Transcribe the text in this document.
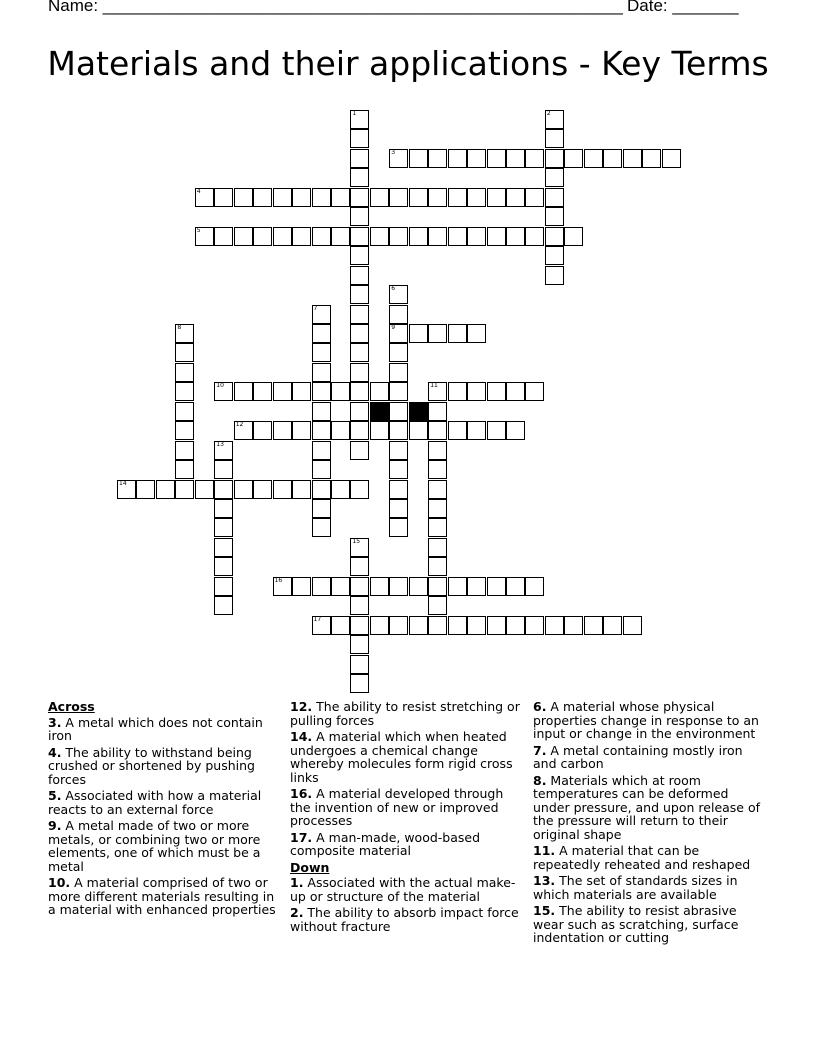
Name: _______________________________________________________ Date: _______
Materials and their applications - Key Terms
1	2
3
4
5
6
9
7
8
10	11
12
13
14
15
16
17
Across
3. A metal which does not contain iron
4. The ability to withstand being crushed or shortened by pushing forces
5. Associated with how a material reacts to an external force
9. A metal made of two or more metals, or combining two or more elements, one of which must be a metal
10. A material comprised of two or more different materials resulting in a material with enhanced properties
12. The ability to resist stretching or pulling forces
14. A material which when heated undergoes a chemical change whereby molecules form rigid cross links
16. A material developed through the invention of new or improved processes
17. A man-made, wood-based composite material
Down
1. Associated with the actual make-up or structure of the material
2. The ability to absorb impact force without fracture
6. A material whose physical properties change in response to an input or change in the environment
7. A metal containing mostly iron and carbon
8. Materials which at room temperatures can be deformed under pressure, and upon release of the pressure will return to their original shape
11. A material that can be repeatedly reheated and reshaped
13. The set of standards sizes in which materials are available
15. The ability to resist abrasive wear such as scratching, surface indentation or cutting
